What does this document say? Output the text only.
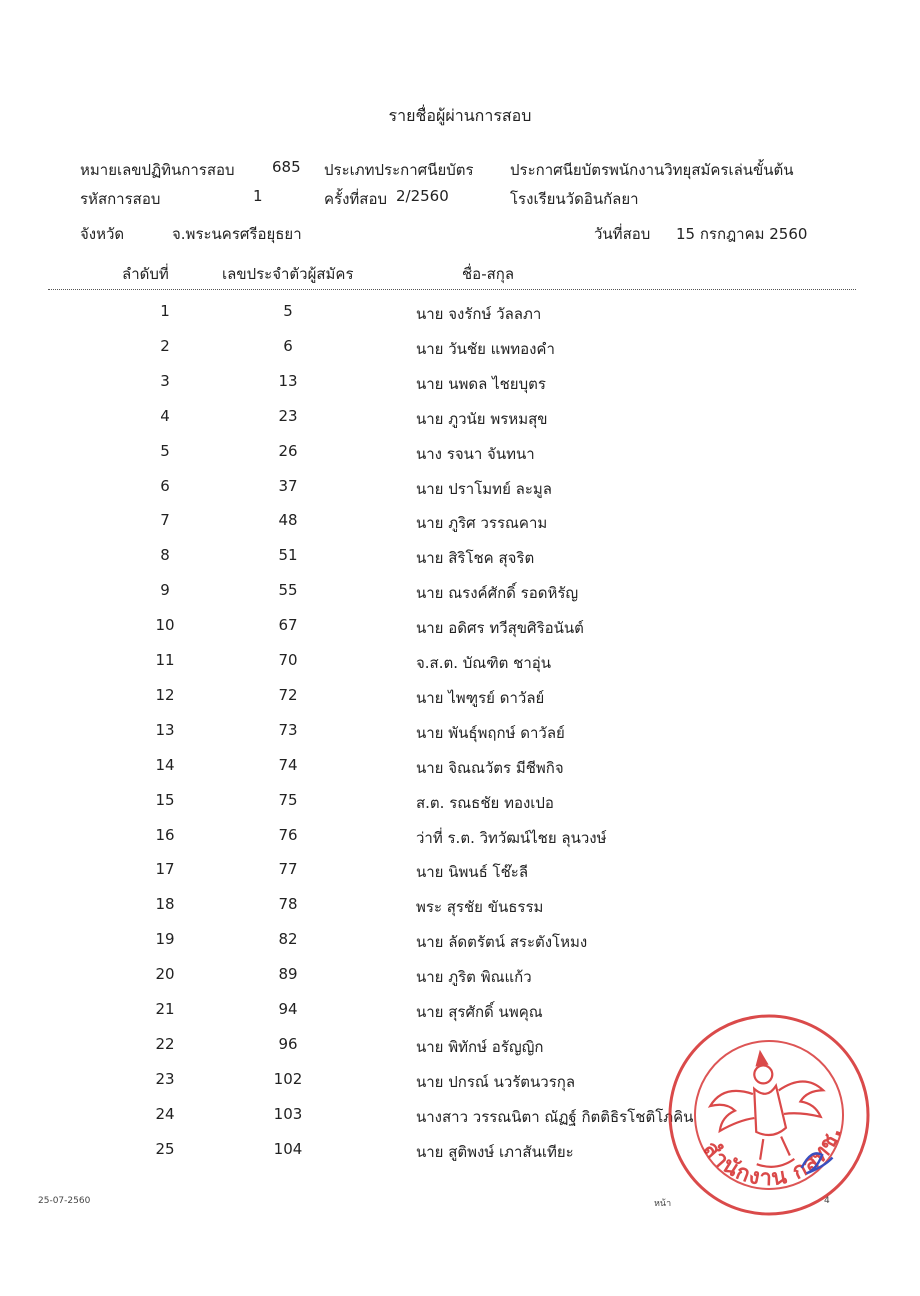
รายชื่อผู้ผ่านการสอบ
หมายเลขปฏิทินการสอบ 685 ประเภทประกาศนียบัตร ประกาศนียบัตรพนักงานวิทยุสมัครเล่นขั้นต้น
รหัสการสอบ	1	ครั้งที่สอบ 2/2560	โรงเรียนวัดอินกัลยา
จังหวัด	จ.พระนครศรีอยุธยา	วันที่สอบ 15 กรกฎาคม 2560
ลำดับที่	เลขประจำตัวผู้สมัคร	ชื่อ-สกุล
1	5	นาย จงรักษ์ วัลลภา
2	6	นาย วันชัย แพทองคำ
3	13	นาย นพดล ไชยบุตร
4	23	นาย ภูวนัย พรหมสุข
5	26	นาง รจนา จันทนา
6	37	นาย ปราโมทย์ ละมูล
7	48	นาย ภูริศ วรรณคาม
8	51	นาย สิริโชค สุจริต
9	55	นาย ณรงค์ศักดิ์ รอดหิรัญ
10	67	นาย อดิศร ทวีสุขศิริอนันต์
11	70	จ.ส.ต. บัณฑิต ชาอุ่น
12	72	นาย ไพฑูรย์ ดาวัลย์
13	73	นาย พันธุ์พฤกษ์ ดาวัลย์
14	74	นาย จิณณวัตร มีชีพกิจ
15	75	ส.ต. รณธชัย ทองเปอ
16	76	ว่าที่ ร.ต. วิทวัฒน์ไชย ลุนวงษ์
17	77	นาย นิพนธ์ โช๊ะลี
18	78	พระ สุรชัย ขันธรรม
19	82	นาย ลัดตรัตน์ สระตังโหมง
20	89	นาย ภูริต พิณแก้ว
21	94	นาย สุรศักดิ์ นพคุณ
22	96	นาย พิทักษ์ อรัญญิก
23	102	นาย ปกรณ์ นวรัตนวรกุล
24	103	นางสาว วรรณนิตา ณัฏฐ์ กิตติธิรโชติโภคิน
25	104	นาย สูติพงษ์ เภาสันเทียะ
25-07-2560	หน้า	4
สำนักงาน กสทช.
